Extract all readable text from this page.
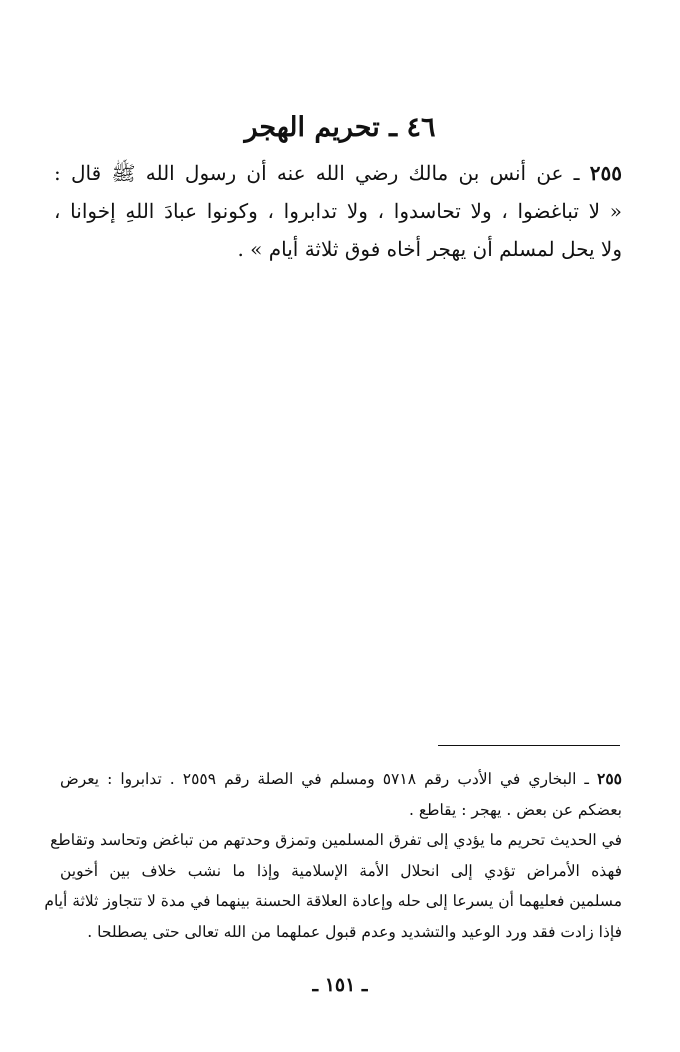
٤٦ ـ تحريم الهجر
٢٥٥ ـ عن أنس بن مالك رضي الله عنه أن رسول الله ﷺ قال :
« لا تباغضوا ، ولا تحاسدوا ، ولا تدابروا ، وكونوا عبادَ اللهِ إخوانا ،
ولا يحل لمسلم أن يهجر أخاه فوق ثلاثة أيام » .
٢٥٥ ـ البخاري في الأدب رقم ٥٧١٨ ومسلم في الصلة رقم ٢٥٥٩ . تدابروا : يعرض
بعضكم عن بعض . يهجر : يقاطع .
في الحديث تحريم ما يؤدي إلى تفرق المسلمين وتمزق وحدتهم من تباغض وتحاسد وتقاطع
فهذه الأمراض تؤدي إلى انحلال الأمة الإسلامية وإذا ما نشب خلاف بين أخوين
مسلمين فعليهما أن يسرعا إلى حله وإعادة العلاقة الحسنة بينهما في مدة لا تتجاوز ثلاثة أيام
فإذا زادت فقد ورد الوعيد والتشديد وعدم قبول عملهما من الله تعالى حتى يصطلحا .
ـ ١٥١ ـ
